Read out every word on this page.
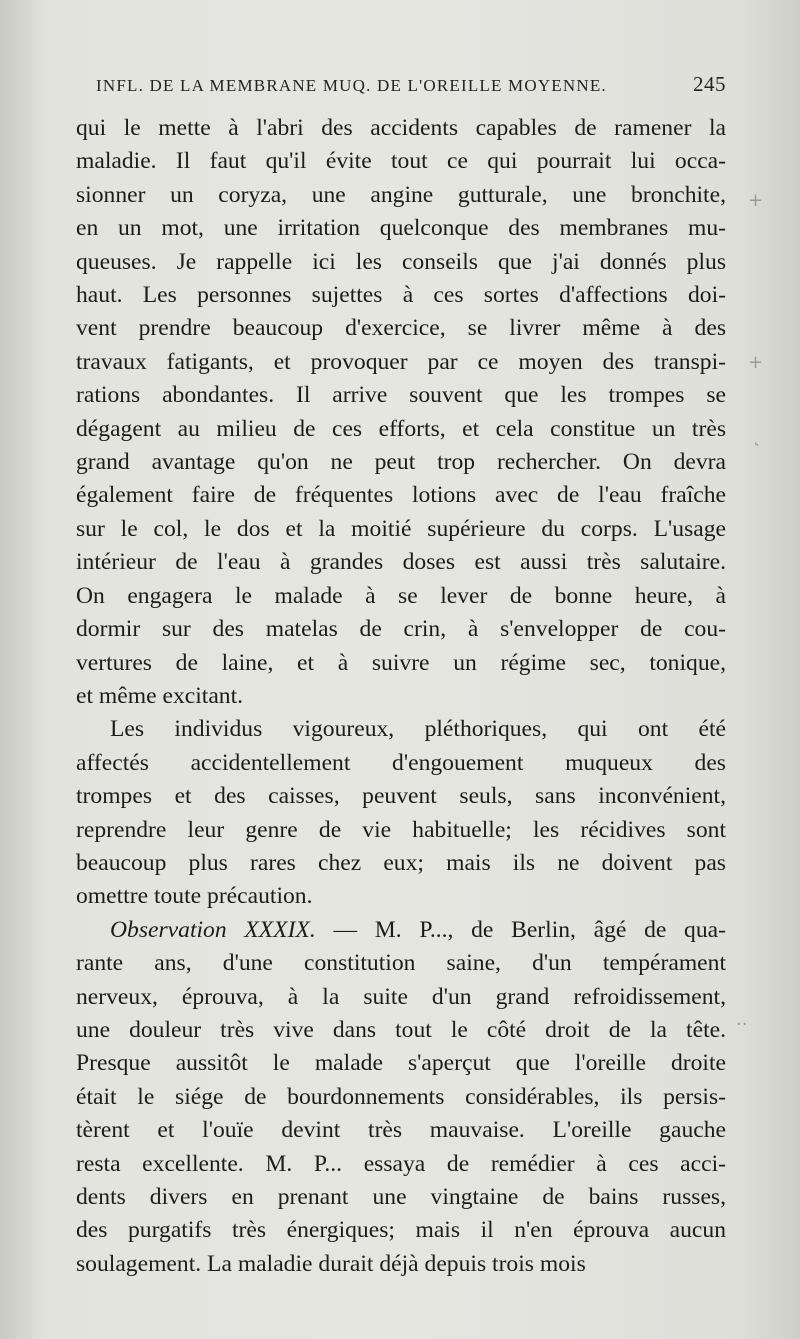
INFL. DE LA MEMBRANE MUQ. DE L'OREILLE MOYENNE.	245
qui le mette à l'abri des accidents capables de ramener la
maladie. Il faut qu'il évite tout ce qui pourrait lui occa-
sionner un coryza, une angine gutturale, une bronchite,
en un mot, une irritation quelconque des membranes mu-
queuses. Je rappelle ici les conseils que j'ai donnés plus
haut. Les personnes sujettes à ces sortes d'affections doi-
vent prendre beaucoup d'exercice, se livrer même à des
travaux fatigants, et provoquer par ce moyen des transpi-
rations abondantes. Il arrive souvent que les trompes se
dégagent au milieu de ces efforts, et cela constitue un très
grand avantage qu'on ne peut trop rechercher. On devra
également faire de fréquentes lotions avec de l'eau fraîche
sur le col, le dos et la moitié supérieure du corps. L'usage
intérieur de l'eau à grandes doses est aussi très salutaire.
On engagera le malade à se lever de bonne heure, à
dormir sur des matelas de crin, à s'envelopper de cou-
vertures de laine, et à suivre un régime sec, tonique,
et même excitant.
Les individus vigoureux, pléthoriques, qui ont été
affectés accidentellement d'engouement muqueux des
trompes et des caisses, peuvent seuls, sans inconvénient,
reprendre leur genre de vie habituelle; les récidives sont
beaucoup plus rares chez eux; mais ils ne doivent pas
omettre toute précaution.
Observation XXXIX. — M. P..., de Berlin, âgé de qua-
rante ans, d'une constitution saine, d'un tempérament
nerveux, éprouva, à la suite d'un grand refroidissement,
une douleur très vive dans tout le côté droit de la tête.
Presque aussitôt le malade s'aperçut que l'oreille droite
était le siége de bourdonnements considérables, ils persis-
tèrent et l'ouïe devint très mauvaise. L'oreille gauche
resta excellente. M. P... essaya de remédier à ces acci-
dents divers en prenant une vingtaine de bains russes,
des purgatifs très énergiques; mais il n'en éprouva aucun
soulagement. La maladie durait déjà depuis trois mois
+
+
˛
··
